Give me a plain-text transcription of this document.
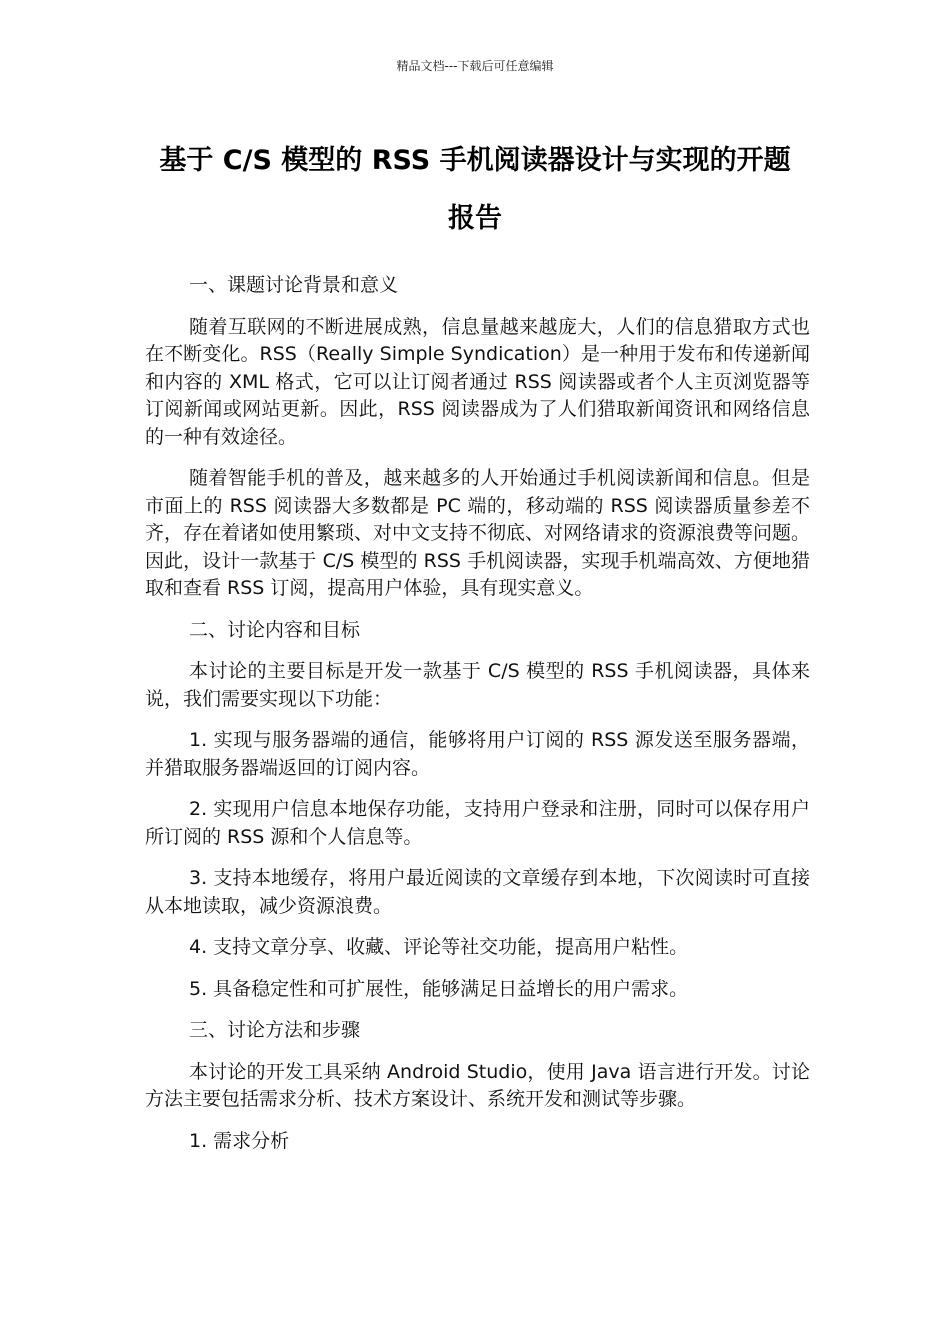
精品文档---下载后可任意编辑
基于 C/S 模型的 RSS 手机阅读器设计与实现的开题
报告
一、课题讨论背景和意义
随着互联网的不断进展成熟，信息量越来越庞大，人们的信息猎取方式也在不断变化。RSS（Really Simple Syndication）是一种用于发布和传递新闻和内容的 XML 格式，它可以让订阅者通过 RSS 阅读器或者个人主页浏览器等订阅新闻或网站更新。因此，RSS 阅读器成为了人们猎取新闻资讯和网络信息的一种有效途径。
随着智能手机的普及，越来越多的人开始通过手机阅读新闻和信息。但是市面上的 RSS 阅读器大多数都是 PC 端的，移动端的 RSS 阅读器质量参差不齐，存在着诸如使用繁琐、对中文支持不彻底、对网络请求的资源浪费等问题。因此，设计一款基于 C/S 模型的 RSS 手机阅读器，实现手机端高效、方便地猎取和查看 RSS 订阅，提高用户体验，具有现实意义。
二、讨论内容和目标
本讨论的主要目标是开发一款基于 C/S 模型的 RSS 手机阅读器，具体来说，我们需要实现以下功能：
1. 实现与服务器端的通信，能够将用户订阅的 RSS 源发送至服务器端，并猎取服务器端返回的订阅内容。
2. 实现用户信息本地保存功能，支持用户登录和注册，同时可以保存用户所订阅的 RSS 源和个人信息等。
3. 支持本地缓存，将用户最近阅读的文章缓存到本地，下次阅读时可直接从本地读取，减少资源浪费。
4. 支持文章分享、收藏、评论等社交功能，提高用户粘性。
5. 具备稳定性和可扩展性，能够满足日益增长的用户需求。
三、讨论方法和步骤
本讨论的开发工具采纳 Android Studio，使用 Java 语言进行开发。讨论方法主要包括需求分析、技术方案设计、系统开发和测试等步骤。
1. 需求分析
